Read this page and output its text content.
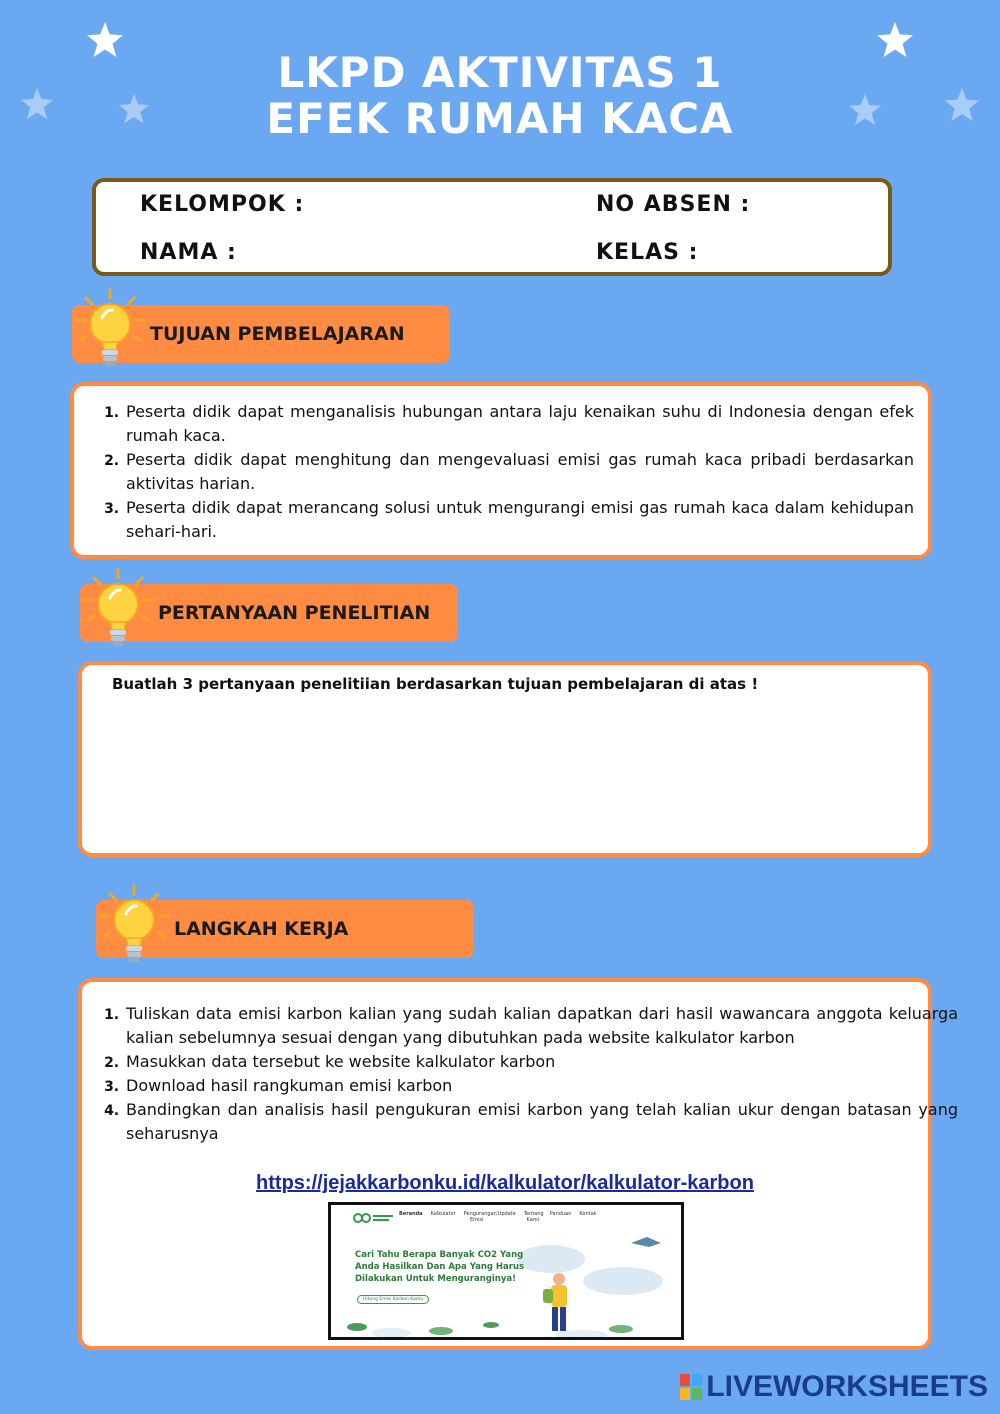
LKPD AKTIVITAS 1
EFEK RUMAH KACA
KELOMPOK :	NO ABSEN :
NAMA :	KELAS :
TUJUAN PEMBELAJARAN
1. Peserta didik dapat menganalisis hubungan antara laju kenaikan suhu di Indonesia dengan efek rumah kaca.
2. Peserta didik dapat menghitung dan mengevaluasi emisi gas rumah kaca pribadi berdasarkan aktivitas harian.
3. Peserta didik dapat merancang solusi untuk mengurangi emisi gas rumah kaca dalam kehidupan sehari-hari.
PERTANYAAN PENELITIAN
Buatlah 3 pertanyaan penelitiian berdasarkan tujuan pembelajaran di atas !
LANGKAH KERJA
1. Tuliskan data emisi karbon kalian yang sudah kalian dapatkan dari hasil wawancara anggota keluarga kalian sebelumnya sesuai dengan yang dibutuhkan pada website kalkulator karbon
2. Masukkan data tersebut ke website kalkulator karbon
3. Download hasil rangkuman emisi karbon
4. Bandingkan dan analisis hasil pengukuran emisi karbon yang telah kalian ukur dengan batasan yang seharusnya
https://jejakkarbonku.id/kalkulator/kalkulator-karbon
Beranda Kalkulator Pengurangan Emisi
Update Tentang Kami
Panduan Kontak
Cari Tahu Berapa Banyak CO2 Yang Anda Hasilkan Dan Apa Yang Harus Dilakukan Untuk Menguranginya!
Hitung Emisi Karbon Kamu
LIVEWORKSHEETS
